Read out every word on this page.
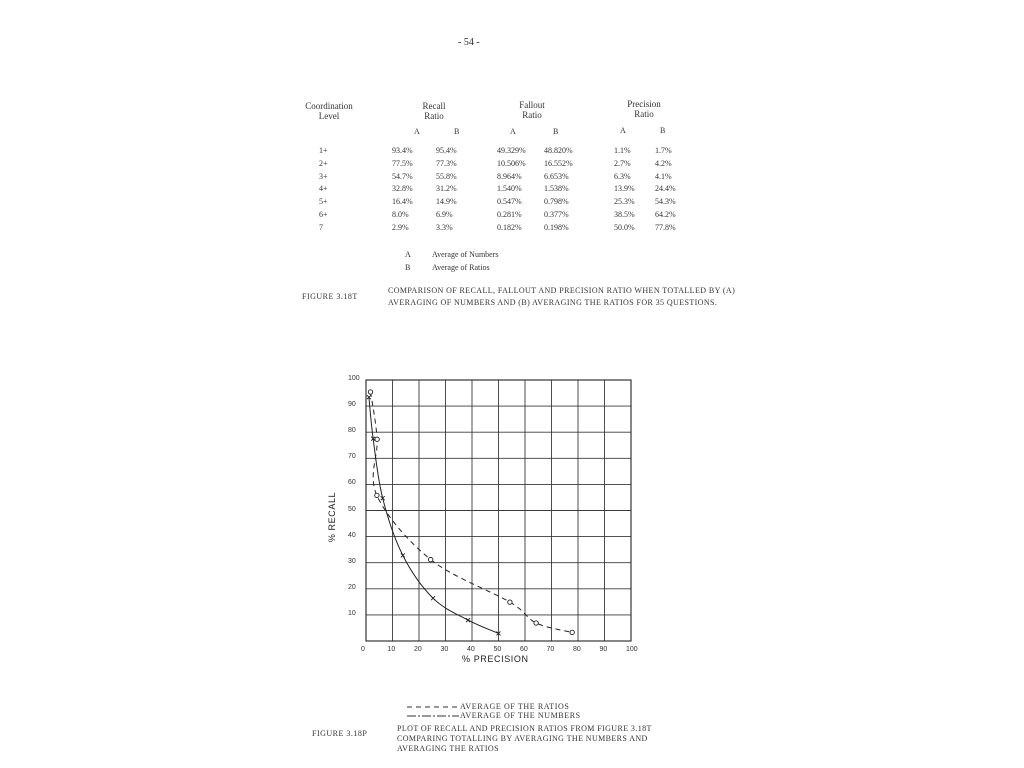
- 54 -
Coordination
Level
Recall
Ratio
Fallout
Ratio
Precision
Ratio
A	B	A	B	A	B
1+	93.4%	95.4%	49.329% 48.820%	1.1%	1.7%
2+	77.5%	77.3%	10.506% 16.552%	2.7%	4.2%
3+	54.7%	55.8%	8.964%	6.653%	6.3%	4.1%
4+	32.8%	31.2%	1.540%	1.538%	13.9%	24.4%
5+	16.4%	14.9%	0.547%	0.798%	25.3%	54.3%
6+	8.0%	6.9%	0.281%	0.377%	38.5%	64.2%
7	2.9%	3.3%	0.182%	0.198%	50.0%	77.8%
A	Average of Numbers
B	Average of Ratios
FIGURE 3.18T
COMPARISON OF RECALL, FALLOUT AND PRECISION RATIO WHEN TOTALLED BY (A) AVERAGING OF NUMBERS AND (B) AVERAGING THE RATIOS FOR 35 QUESTIONS.
0	10	20	30	40	50	60	70	80	90	100
10
20
30
40
50
60
70
80
90
100
% RECALL
% PRECISION
AVERAGE OF THE RATIOS
AVERAGE OF THE NUMBERS
FIGURE 3.18P
PLOT OF RECALL AND PRECISION RATIOS FROM FIGURE 3.18T COMPARING TOTALLING BY AVERAGING THE NUMBERS AND AVERAGING THE RATIOS
